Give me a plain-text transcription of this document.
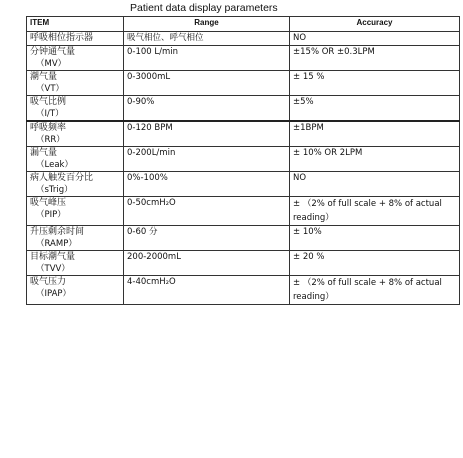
Patient data display parameters
ITEM	Range	Accuracy

呼吸相位指示器	吸气相位、呼气相位	NO

分钟通气量
（MV）	0-100 L/min	±15% OR ±0.3LPM

潮气量
（VT）	0-3000mL	± 15 %

吸气比例
（I/T）	0-90%	±5%

呼吸频率
（RR）	0-120 BPM	±1BPM

漏气量
（Leak）	0-200L/min	± 10% OR 2LPM

病人触发百分比
（sTrig）	0%-100%	NO

吸气峰压
（PIP）	0-50cmH₂O	± （2% of full scale + 8% of actual reading）

升压剩余时间
（RAMP）	0-60 分	± 10%

目标潮气量
（TVV）	200-2000mL	± 20 %

吸气压力
（IPAP）	4-40cmH₂O	± （2% of full scale + 8% of actual reading）
